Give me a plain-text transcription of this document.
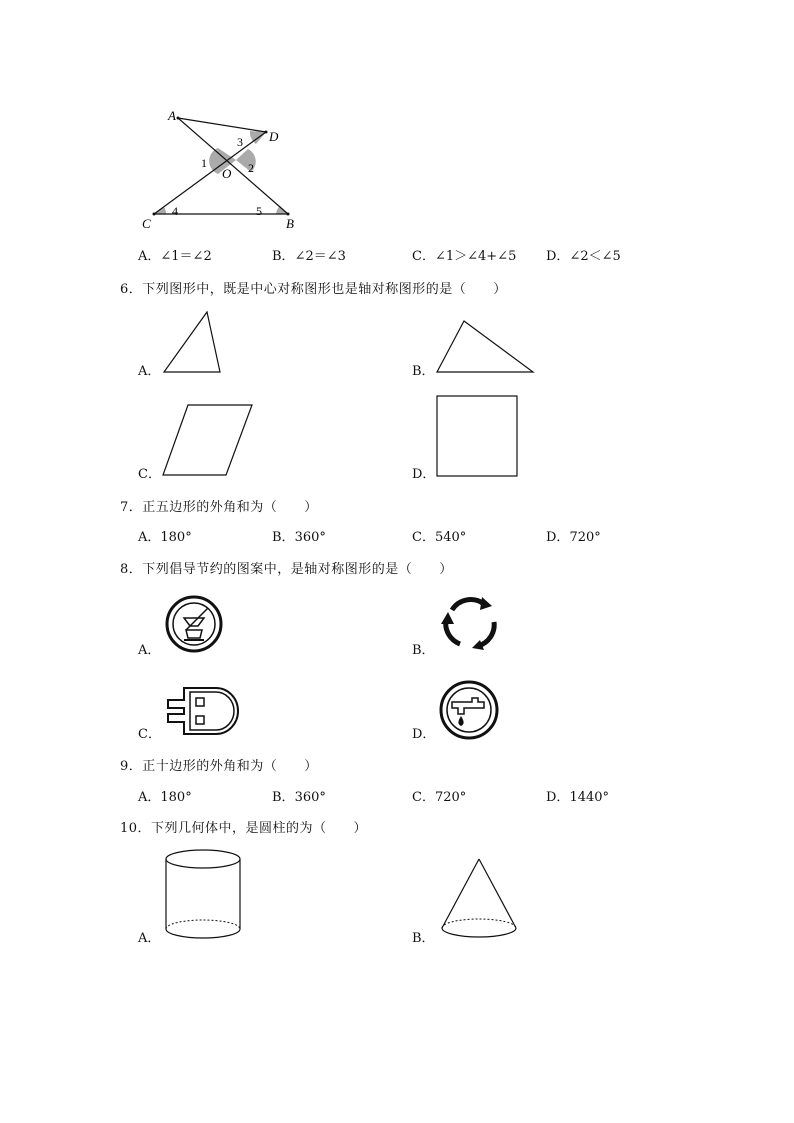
A
D
O
C	B
1	2
3
4	5
A．∠1＝∠2	B．∠2＝∠3	C．∠1＞∠4+∠5 D．∠2＜∠5
6．下列图形中，既是中心对称图形也是轴对称图形的是（　　）
A．	B．
C．	D．
7．正五边形的外角和为（　　）
A．180°	B．360°	C．540°	D．720°
8．下列倡导节约的图案中，是轴对称图形的是（　　）
A．	B．
C．	D．
9．正十边形的外角和为（　　）
A．180°	B．360°	C．720°	D．1440°
10．下列几何体中，是圆柱的为（　　）
A．	B．
